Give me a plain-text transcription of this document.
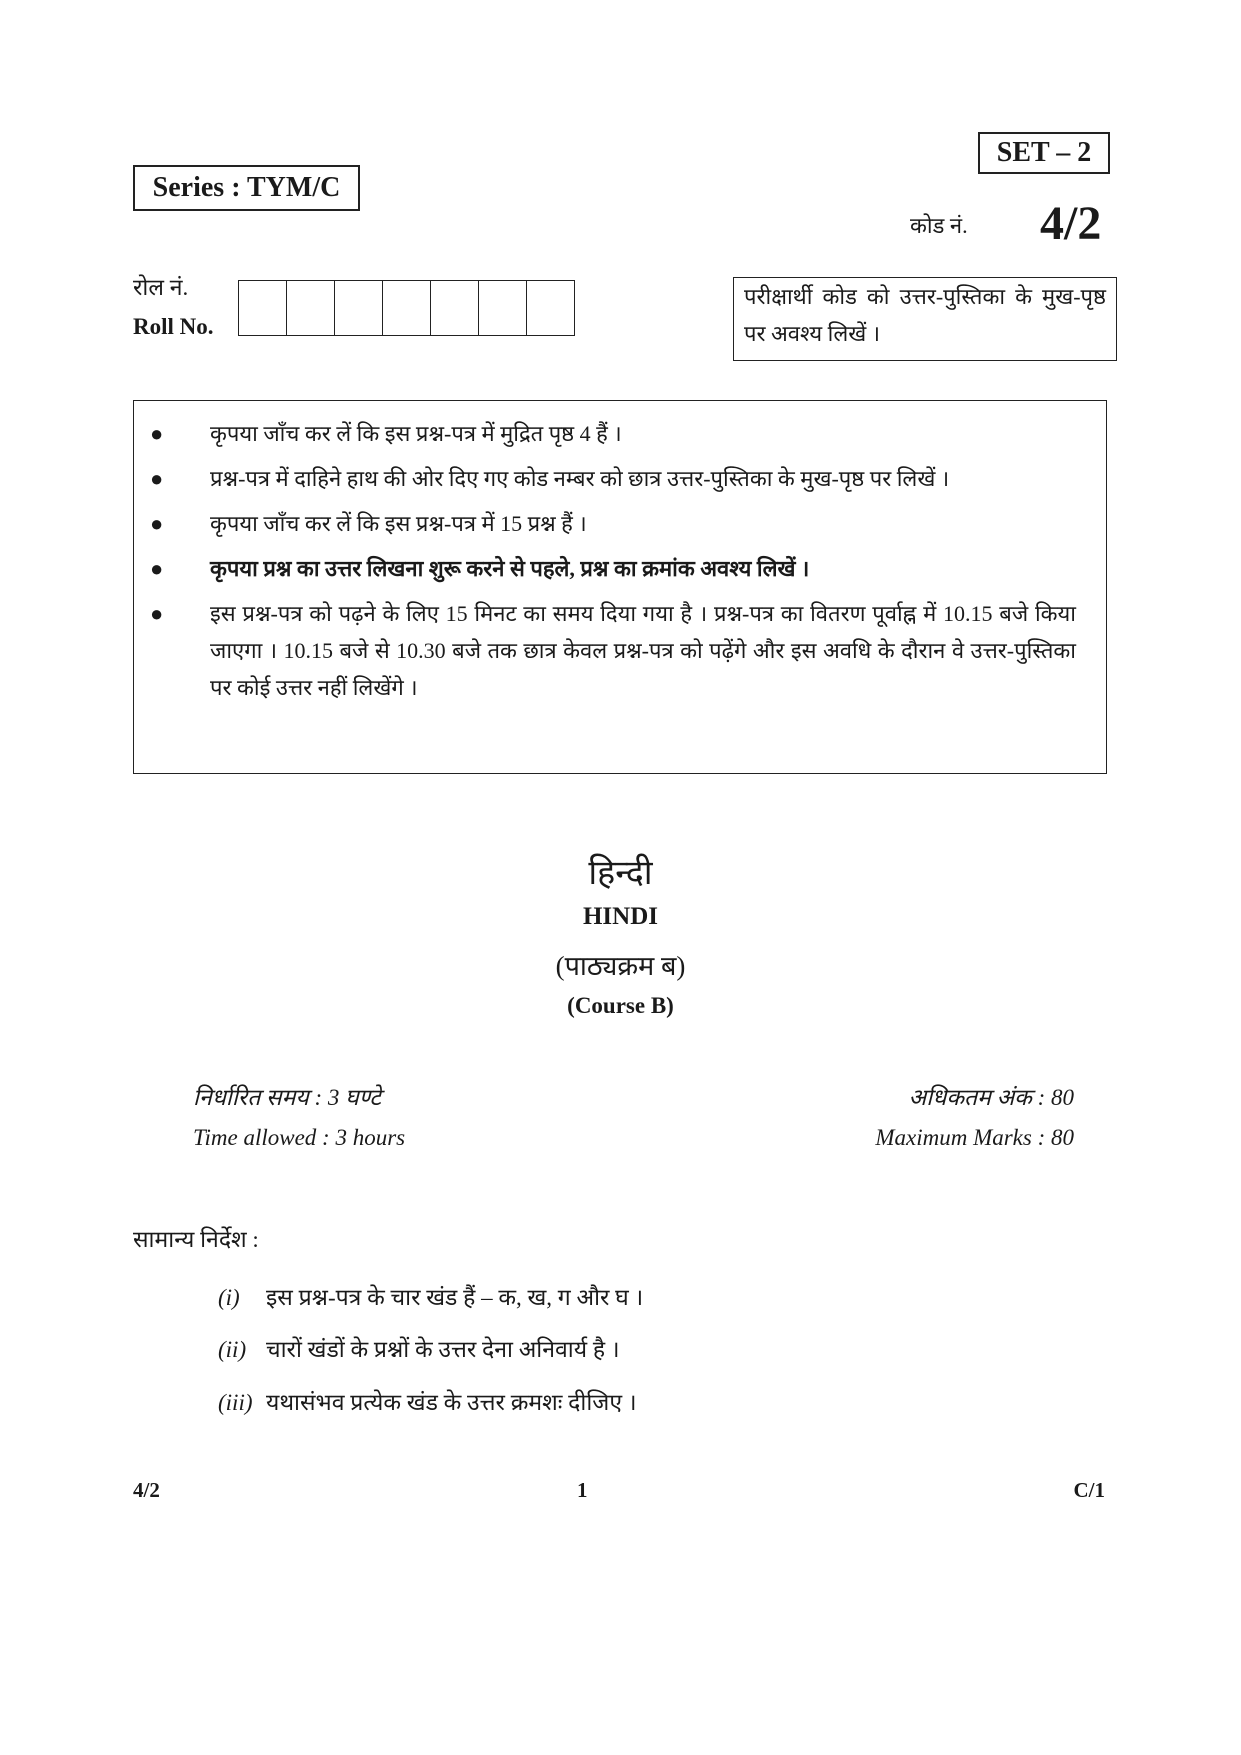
SET – 2
Series : TYM/C
कोड नं. 4/2
रोल नं.
Roll No.
परीक्षार्थी कोड को उत्तर-पुस्तिका के मुख-पृष्ठ पर अवश्य लिखें ।
● कृपया जाँच कर लें कि इस प्रश्न-पत्र में मुद्रित पृष्ठ 4 हैं ।
● प्रश्न-पत्र में दाहिने हाथ की ओर दिए गए कोड नम्बर को छात्र उत्तर-पुस्तिका के मुख-पृष्ठ पर लिखें ।
● कृपया जाँच कर लें कि इस प्रश्न-पत्र में 15 प्रश्न हैं ।
● कृपया प्रश्न का उत्तर लिखना शुरू करने से पहले, प्रश्न का क्रमांक अवश्य लिखें ।
● इस प्रश्न-पत्र को पढ़ने के लिए 15 मिनट का समय दिया गया है । प्रश्न-पत्र का वितरण पूर्वाह्न में 10.15 बजे किया जाएगा । 10.15 बजे से 10.30 बजे तक छात्र केवल प्रश्न-पत्र को पढ़ेंगे और इस अवधि के दौरान वे उत्तर-पुस्तिका पर कोई उत्तर नहीं लिखेंगे ।
हिन्दी
HINDI
(पाठ्यक्रम ब)
(Course B)
निर्धारित समय : 3 घण्टे
Time allowed : 3 hours
अधिकतम अंक : 80
Maximum Marks : 80
सामान्य निर्देश :
(i) इस प्रश्न-पत्र के चार खंड हैं – क, ख, ग और घ ।
(ii) चारों खंडों के प्रश्नों के उत्तर देना अनिवार्य है ।
(iii) यथासंभव प्रत्येक खंड के उत्तर क्रमशः दीजिए ।
4/2	1	C/1
